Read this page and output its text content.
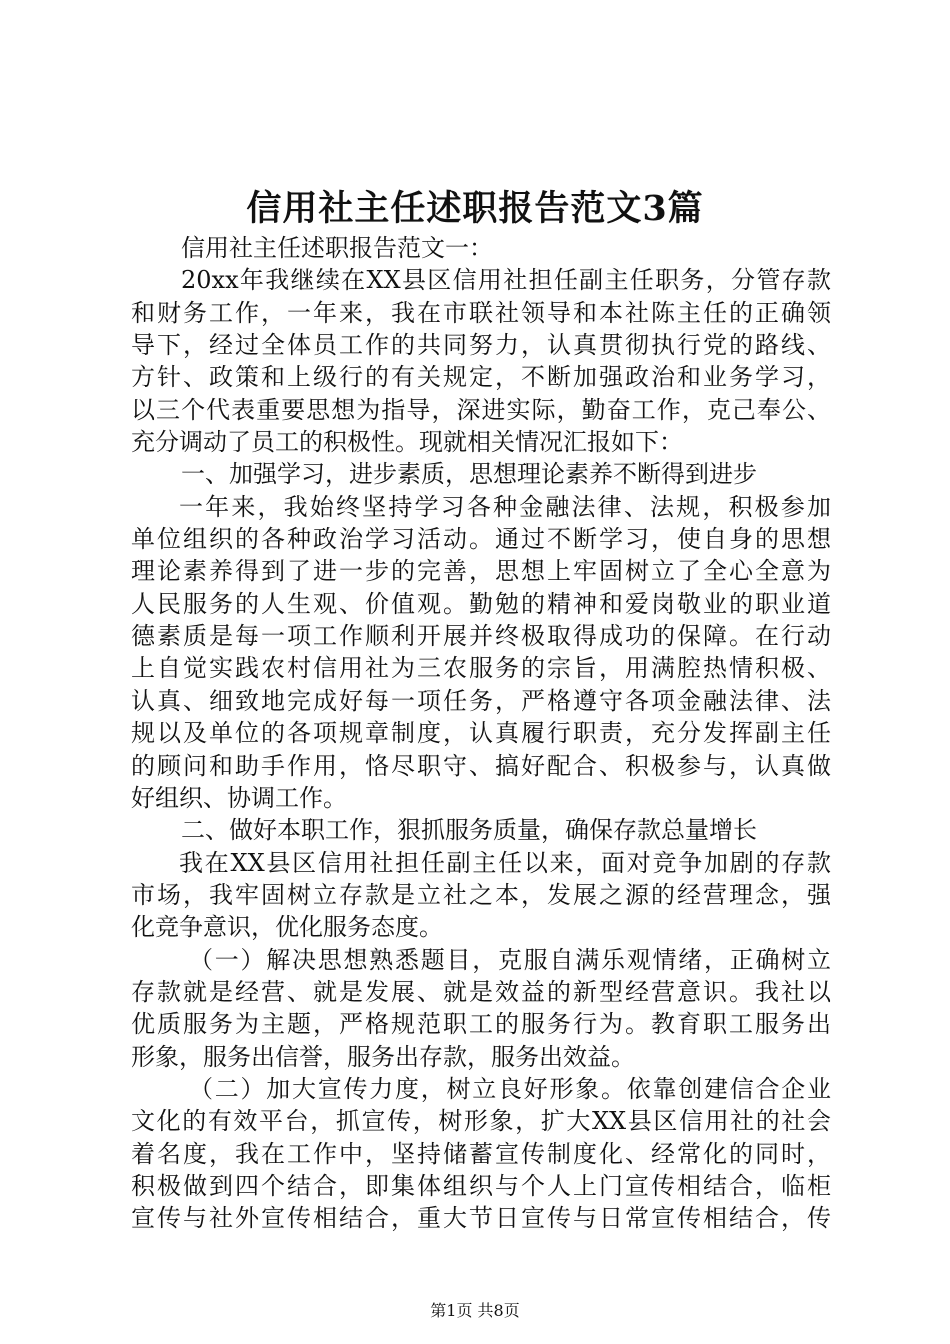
信用社主任述职报告范文3篇
信用社主任述职报告范文一：
20xx年我继续在XX县区信用社担任副主任职务，分管存款
和财务工作，一年来，我在市联社领导和本社陈主任的正确领
导下，经过全体员工作的共同努力，认真贯彻执行党的路线、
方针、政策和上级行的有关规定，不断加强政治和业务学习，
以三个代表重要思想为指导，深进实际，勤奋工作，克己奉公、
充分调动了员工的积极性。现就相关情况汇报如下：
一、加强学习，进步素质，思想理论素养不断得到进步
一年来，我始终坚持学习各种金融法律、法规，积极参加
单位组织的各种政治学习活动。通过不断学习，使自身的思想
理论素养得到了进一步的完善，思想上牢固树立了全心全意为
人民服务的人生观、价值观。勤勉的精神和爱岗敬业的职业道
德素质是每一项工作顺利开展并终极取得成功的保障。在行动
上自觉实践农村信用社为三农服务的宗旨，用满腔热情积极、
认真、细致地完成好每一项任务，严格遵守各项金融法律、法
规以及单位的各项规章制度，认真履行职责，充分发挥副主任
的顾问和助手作用，恪尽职守、搞好配合、积极参与，认真做
好组织、协调工作。
二、做好本职工作，狠抓服务质量，确保存款总量增长
我在XX县区信用社担任副主任以来，面对竞争加剧的存款
市场，我牢固树立存款是立社之本，发展之源的经营理念，强
化竞争意识，优化服务态度。
（一）解决思想熟悉题目，克服自满乐观情绪，正确树立
存款就是经营、就是发展、就是效益的新型经营意识。我社以
优质服务为主题，严格规范职工的服务行为。教育职工服务出
形象，服务出信誉，服务出存款，服务出效益。
（二）加大宣传力度，树立良好形象。依靠创建信合企业
文化的有效平台，抓宣传，树形象，扩大XX县区信用社的社会
着名度，我在工作中，坚持储蓄宣传制度化、经常化的同时，
积极做到四个结合，即集体组织与个人上门宣传相结合，临柜
宣传与社外宣传相结合，重大节日宣传与日常宣传相结合，传
第1页 共8页
